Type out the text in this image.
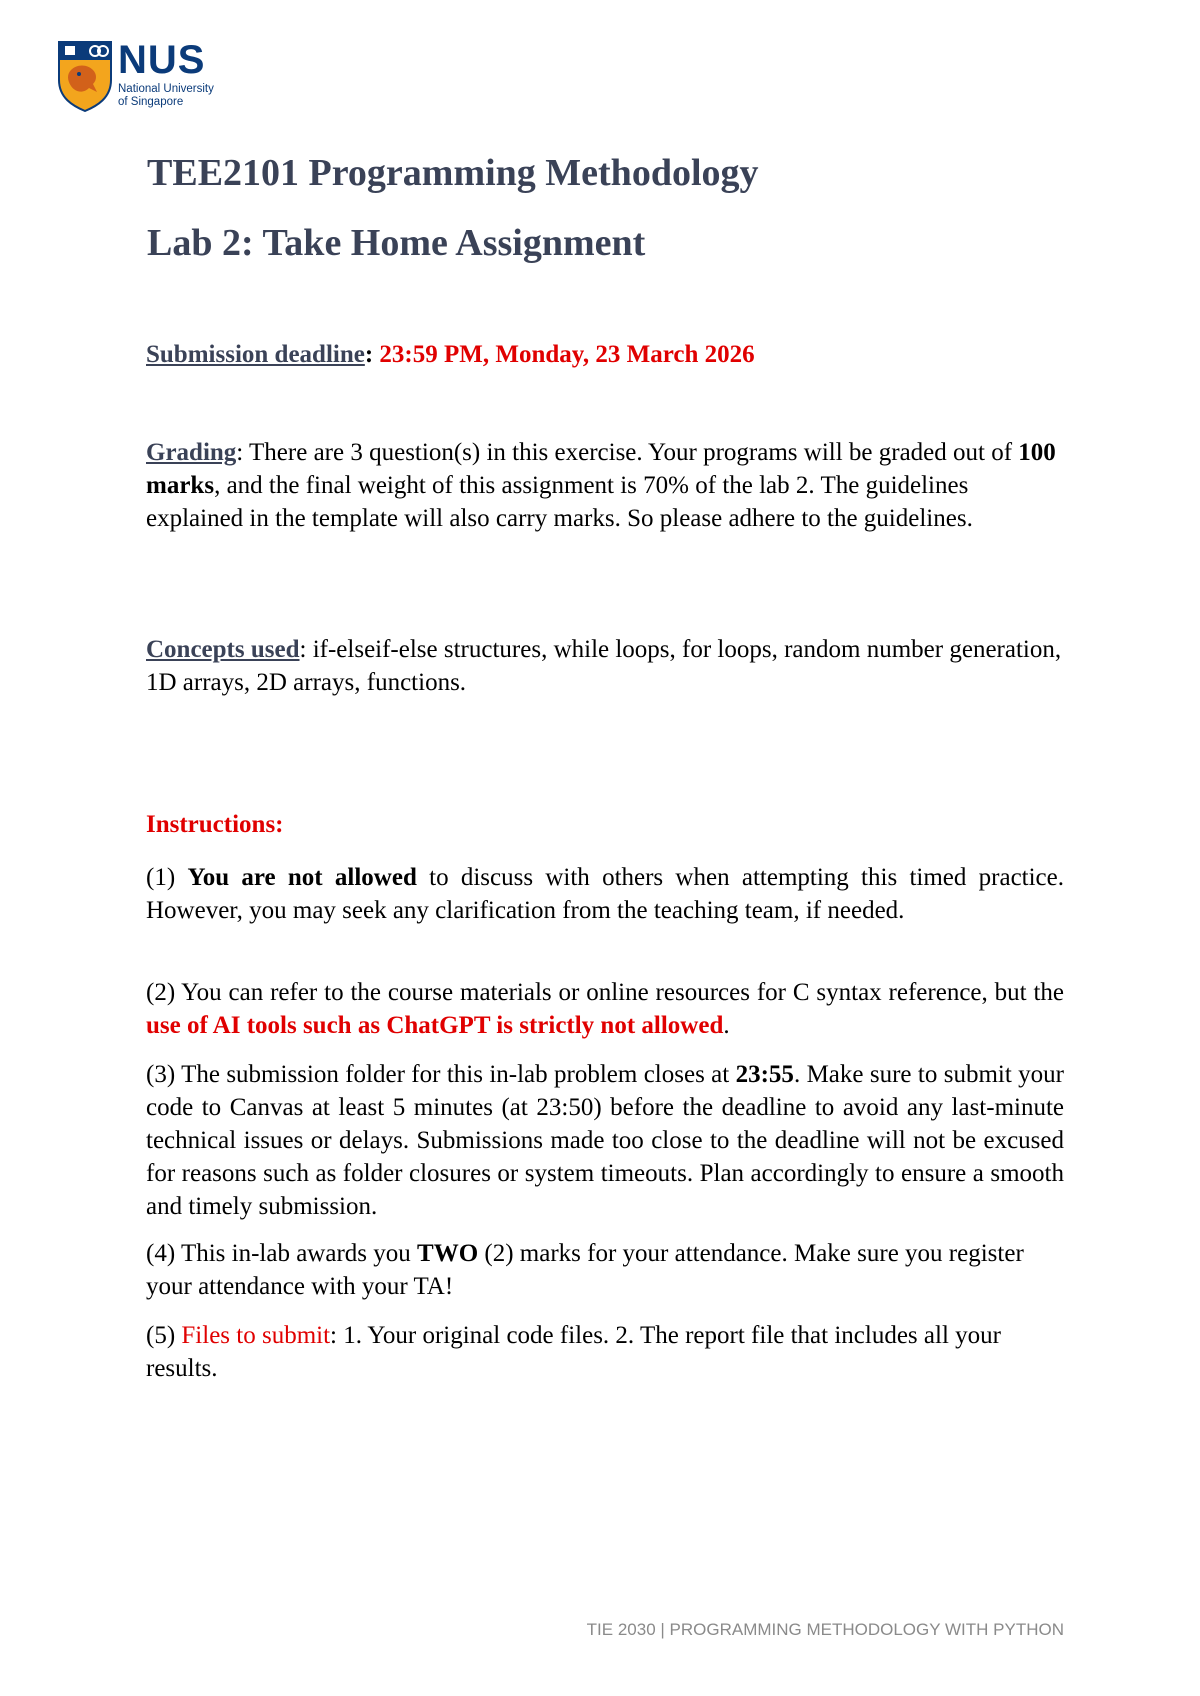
NUS
National University
of Singapore
TEE2101 Programming Methodology
Lab 2: Take Home Assignment

Submission deadline: 23:59 PM, Monday, 23 March 2026

Grading: There are 3 question(s) in this exercise. Your programs will be graded out of 100 marks, and the final weight of this assignment is 70% of the lab 2. The guidelines explained in the template will also carry marks. So please adhere to the guidelines.

Concepts used: if-elseif-else structures, while loops, for loops, random number generation, 1D arrays, 2D arrays, functions.

Instructions:

(1) You are not allowed to discuss with others when attempting this timed practice. However, you may seek any clarification from the teaching team, if needed.

(2) You can refer to the course materials or online resources for C syntax reference, but the use of AI tools such as ChatGPT is strictly not allowed.

(3) The submission folder for this in-lab problem closes at 23:55. Make sure to submit your code to Canvas at least 5 minutes (at 23:50) before the deadline to avoid any last-minute technical issues or delays. Submissions made too close to the deadline will not be excused for reasons such as folder closures or system timeouts. Plan accordingly to ensure a smooth and timely submission.

(4) This in-lab awards you TWO (2) marks for your attendance. Make sure you register your attendance with your TA!

(5) Files to submit: 1. Your original code files. 2. The report file that includes all your results.

TIE 2030 | PROGRAMMING METHODOLOGY WITH PYTHON
